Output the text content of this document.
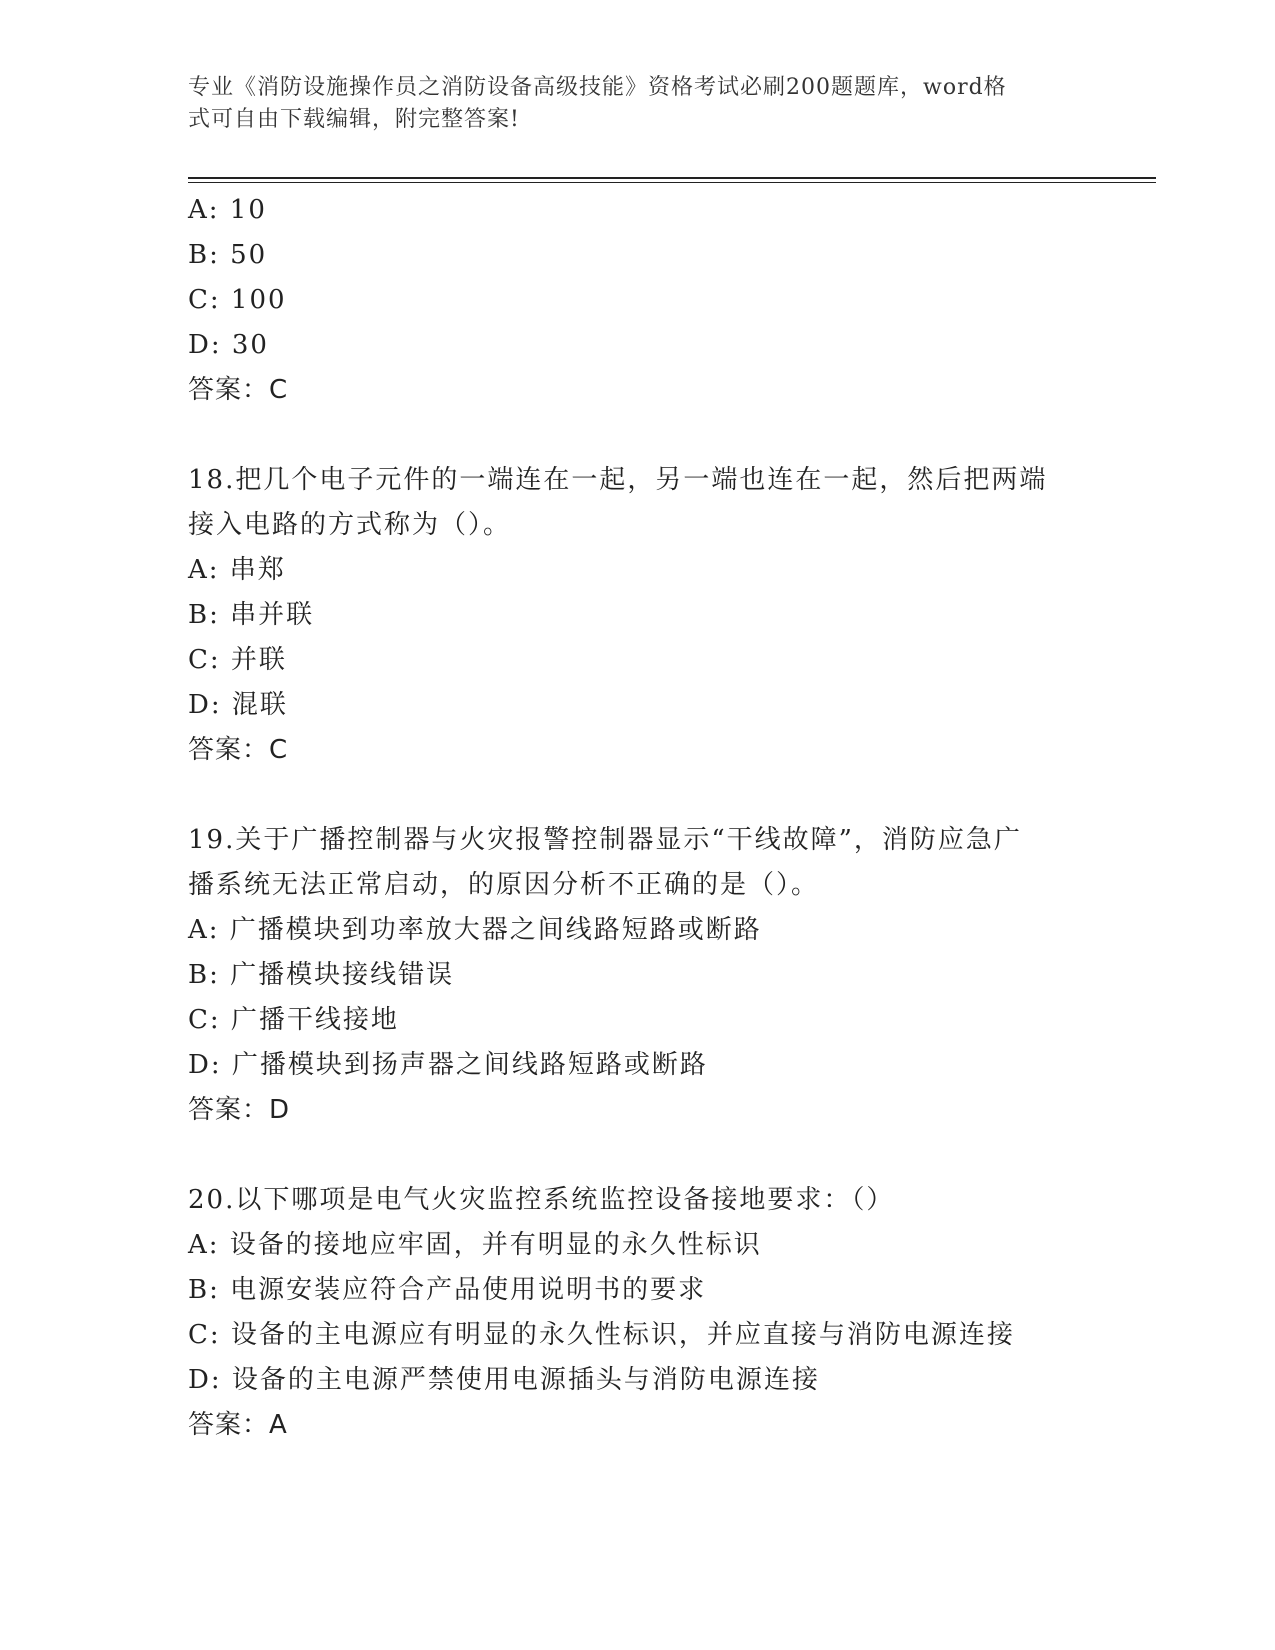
专业《消防设施操作员之消防设备高级技能》资格考试必刷200题题库，word格
式可自由下载编辑，附完整答案!
A: 10
B: 50
C: 100
D: 30
答案：C
18.把几个电子元件的一端连在一起，另一端也连在一起，然后把两端
接入电路的方式称为（）。
A: 串郑
B: 串并联
C: 并联
D: 混联
答案：C
19.关于广播控制器与火灾报警控制器显示“干线故障”，消防应急广
播系统无法正常启动，的原因分析不正确的是（）。
A: 广播模块到功率放大器之间线路短路或断路
B: 广播模块接线错误
C: 广播干线接地
D: 广播模块到扬声器之间线路短路或断路
答案：D
20.以下哪项是电气火灾监控系统监控设备接地要求：（）
A: 设备的接地应牢固，并有明显的永久性标识
B: 电源安装应符合产品使用说明书的要求
C: 设备的主电源应有明显的永久性标识，并应直接与消防电源连接
D: 设备的主电源严禁使用电源插头与消防电源连接
答案：A
